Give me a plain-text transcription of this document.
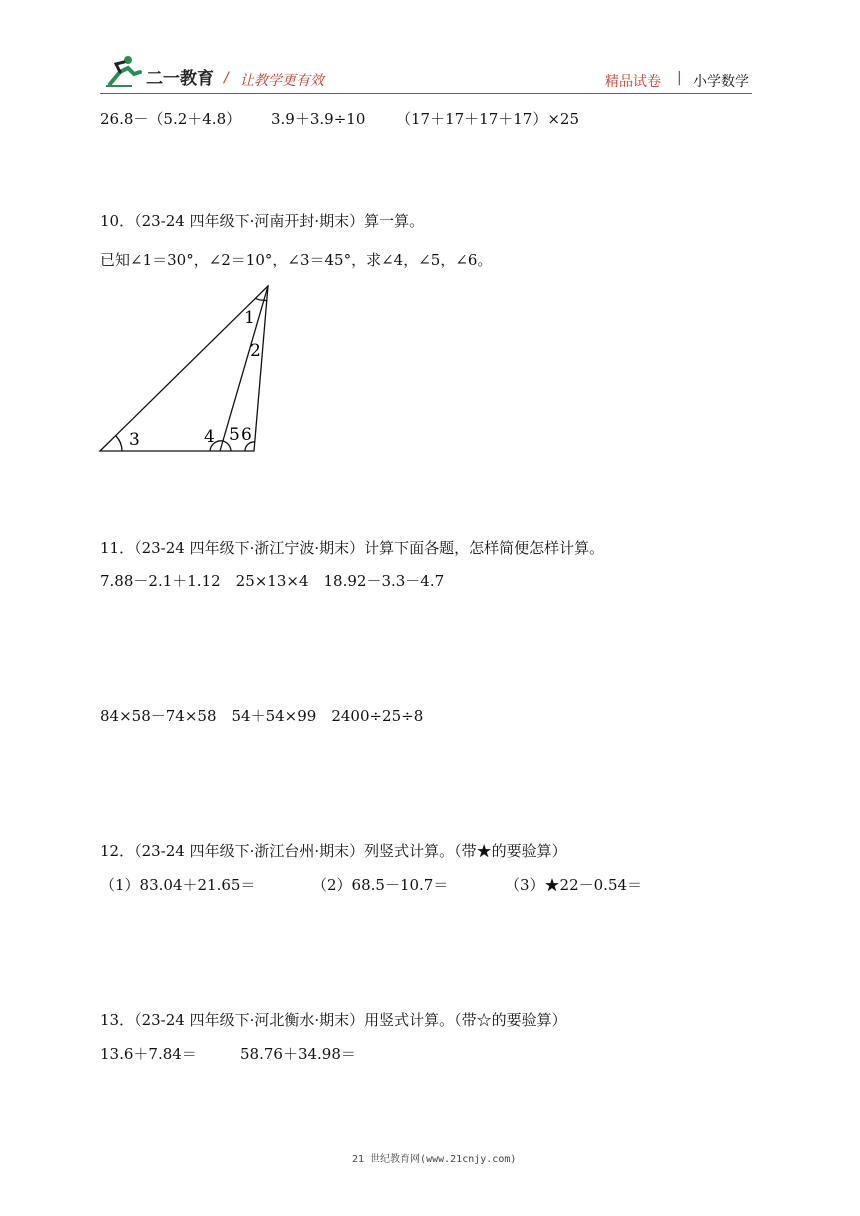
二一教育 / 让教学更有效	精品试卷 | 小学数学
26.8－（5.2＋4.8） 3.9＋3.9÷10 （17＋17＋17＋17）×25
10．（23-24 四年级下·河南开封·期末）算一算。
已知∠1＝30°，∠2＝10°，∠3＝45°，求∠4，∠5，∠6。
1
2
3	4 5 6
11．（23-24 四年级下·浙江宁波·期末）计算下面各题，怎样简便怎样计算。
7.88－2.1＋1.12　25×13×4　18.92－3.3－4.7
84×58－74×58　54＋54×99　2400÷25÷8
12．（23-24 四年级下·浙江台州·期末）列竖式计算。（带★的要验算）
（1）83.04＋21.65＝	（2）68.5－10.7＝	（3）★22－0.54＝
13．（23-24 四年级下·河北衡水·期末）用竖式计算。（带☆的要验算）
13.6＋7.84＝	58.76＋34.98＝
21 世纪教育网(www.21cnjy.com)
